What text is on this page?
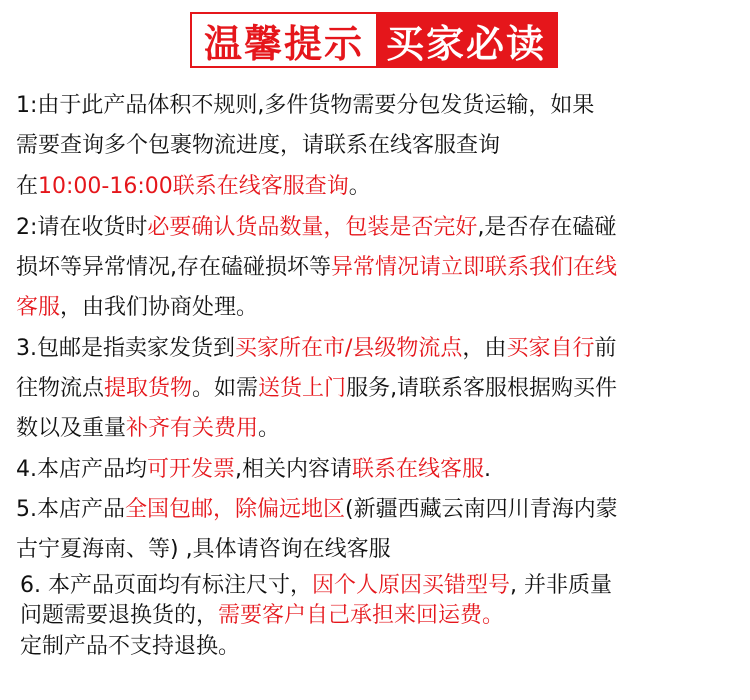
温馨提示 买家必读
1:由于此产品体积不规则,多件货物需要分包发货运输，如果
需要查询多个包裹物流进度，请联系在线客服查询
在10:00-16:00联系在线客服查询。
2:请在收货时必要确认货品数量，包装是否完好,是否存在磕碰
损坏等异常情况,存在磕碰损坏等异常情况请立即联系我们在线
客服，由我们协商处理。
3.包邮是指卖家发货到买家所在市/县级物流点，由买家自行前
往物流点提取货物。如需送货上门服务,请联系客服根据购买件
数以及重量补齐有关费用。
4.本店产品均可开发票,相关内容请联系在线客服.
5.本店产品全国包邮，除偏远地区(新疆西藏云南四川青海内蒙
古宁夏海南、等) ,具体请咨询在线客服
6. 本产品页面均有标注尺寸，因个人原因买错型号, 并非质量
问题需要退换货的，需要客户自己承担来回运费。
定制产品不支持退换。
